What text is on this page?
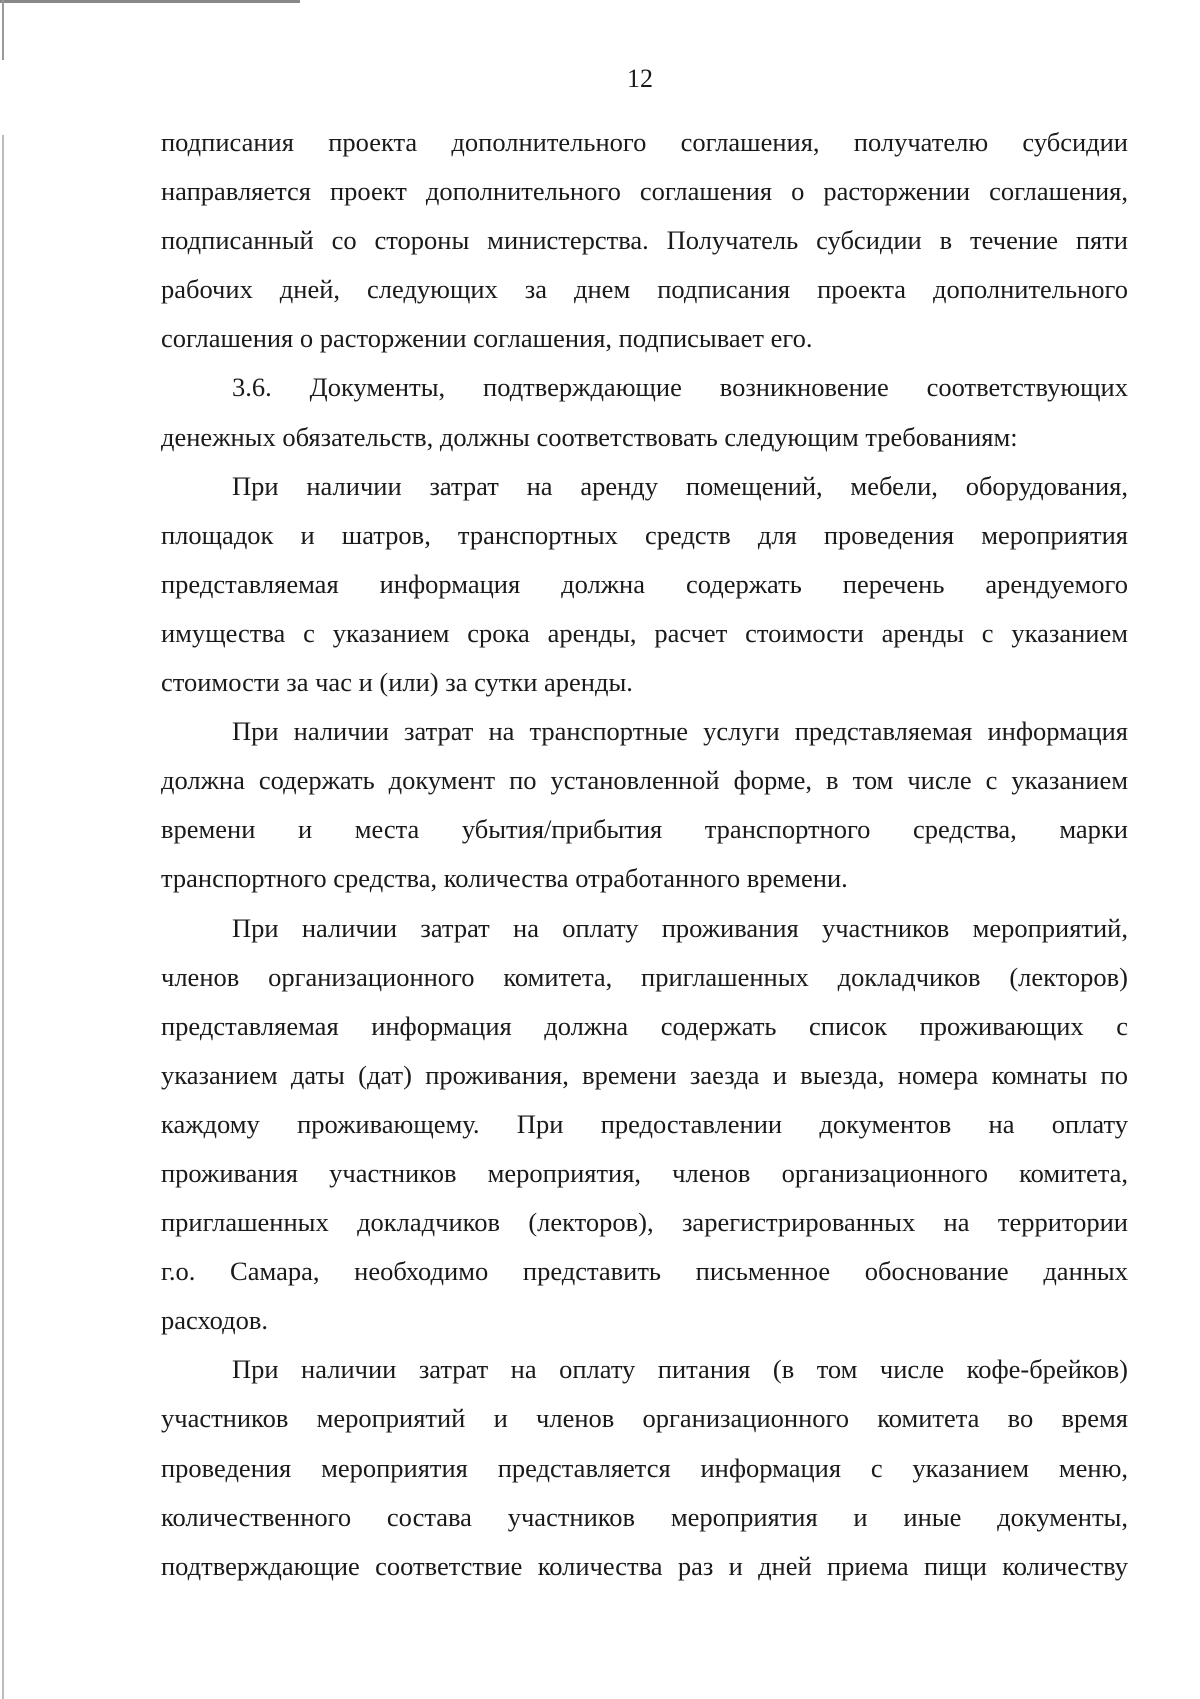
12
подписания проекта дополнительного соглашения, получателю субсидии
направляется проект дополнительного соглашения о расторжении соглашения,
подписанный со стороны министерства. Получатель субсидии в течение пяти
рабочих дней, следующих за днем подписания проекта дополнительного
соглашения о расторжении соглашения, подписывает его.
3.6. Документы, подтверждающие возникновение соответствующих
денежных обязательств, должны соответствовать следующим требованиям:
При наличии затрат на аренду помещений, мебели, оборудования,
площадок и шатров, транспортных средств для проведения мероприятия
представляемая информация должна содержать перечень арендуемого
имущества с указанием срока аренды, расчет стоимости аренды с указанием
стоимости за час и (или) за сутки аренды.
При наличии затрат на транспортные услуги представляемая информация
должна содержать документ по установленной форме, в том числе с указанием
времени и места убытия/прибытия транспортного средства, марки
транспортного средства, количества отработанного времени.
При наличии затрат на оплату проживания участников мероприятий,
членов организационного комитета, приглашенных докладчиков (лекторов)
представляемая информация должна содержать список проживающих с
указанием даты (дат) проживания, времени заезда и выезда, номера комнаты по
каждому проживающему. При предоставлении документов на оплату
проживания участников мероприятия, членов организационного комитета,
приглашенных докладчиков (лекторов), зарегистрированных на территории
г.о. Самара, необходимо представить письменное обоснование данных
расходов.
При наличии затрат на оплату питания (в том числе кофе-брейков)
участников мероприятий и членов организационного комитета во время
проведения мероприятия представляется информация с указанием меню,
количественного состава участников мероприятия и иные документы,
подтверждающие соответствие количества раз и дней приема пищи количеству
